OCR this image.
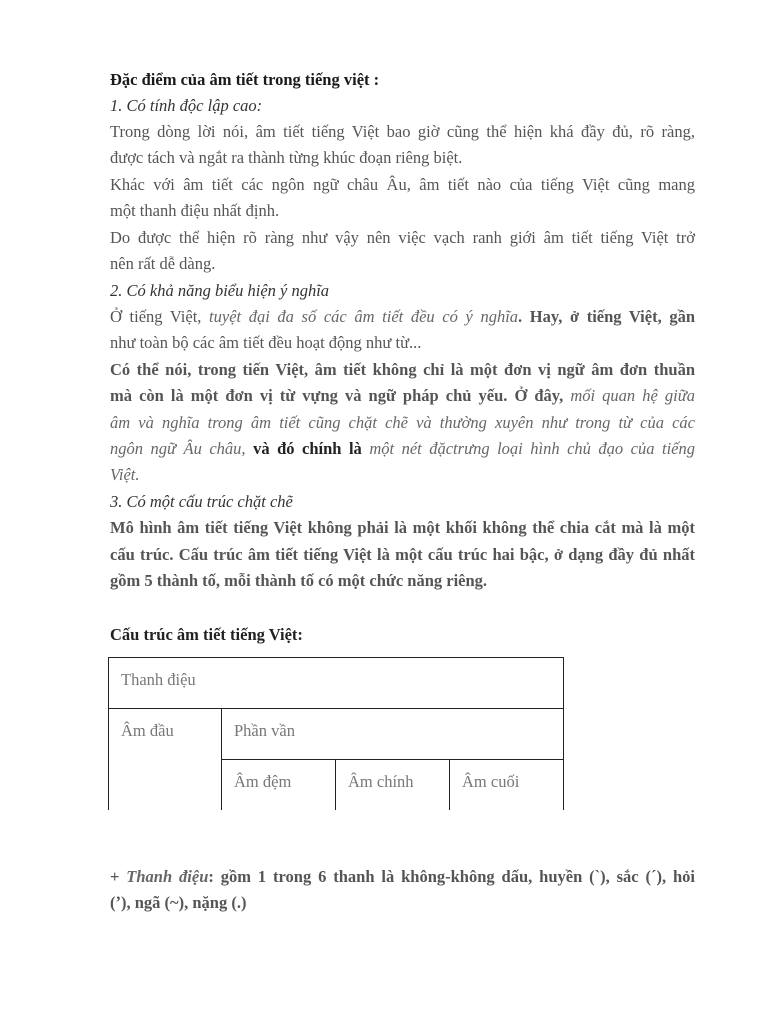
Đặc điểm của âm tiết trong tiếng việt :
1. Có tính độc lập cao:
Trong dòng lời nói, âm tiết tiếng Việt bao giờ cũng thể hiện khá đầy đủ, rõ ràng,
được tách và ngắt ra thành từng khúc đoạn riêng biệt.
Khác với âm tiết các ngôn ngữ châu Âu, âm tiết nào của tiếng Việt cũng mang
một thanh điệu nhất định.
Do được thể hiện rõ ràng như vậy nên việc vạch ranh giới âm tiết tiếng Việt trở
nên rất dễ dàng.
2. Có khả năng biểu hiện ý nghĩa
Ở tiếng Việt, tuyệt đại đa số các âm tiết đều có ý nghĩa. Hay, ở tiếng Việt, gần
như toàn bộ các âm tiết đều hoạt động như từ...
Có thể nói, trong tiến Việt, âm tiết không chỉ là một đơn vị ngữ âm đơn thuần
mà còn là một đơn vị từ vựng và ngữ pháp chủ yếu. Ở đây, mối quan hệ giữa
âm và nghĩa trong âm tiết cũng chặt chẽ và thường xuyên như trong từ của các
ngôn ngữ Âu châu, và đó chính là một nét đặctrưng loại hình chủ đạo của tiếng
Việt.
3. Có một cấu trúc chặt chẽ
Mô hình âm tiết tiếng Việt không phải là một khối không thể chia cắt mà là một
cấu trúc. Cấu trúc âm tiết tiếng Việt là một cấu trúc hai bậc, ở dạng đầy đủ nhất
gồm 5 thành tố, mỗi thành tố có một chức năng riêng.
Cấu trúc âm tiết tiếng Việt:
Thanh điệu			
Âm đầu	Phần vần		
	Âm đệm	Âm chính	Âm cuối
+ Thanh điệu: gồm 1 trong 6 thanh là không-không dấu, huyền (`), sắc (´), hỏi
(ʼ), ngã (~), nặng (.)
